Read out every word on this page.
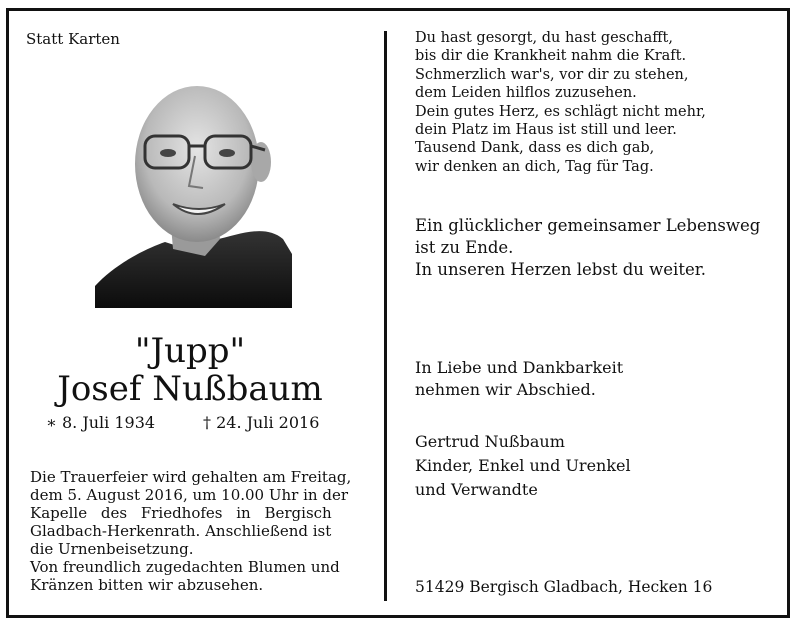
Statt Karten
"Jupp"
Josef Nußbaum
∗ 8. Juli 1934	† 24. Juli 2016
Die Trauerfeier wird gehalten am Freitag,
dem 5. August 2016, um 10.00 Uhr in der
Kapelle des Friedhofes in Bergisch
Gladbach-Herkenrath. Anschließend ist
die Urnenbeisetzung.
Von freundlich zugedachten Blumen und
Kränzen bitten wir abzusehen.
Du hast gesorgt, du hast geschafft,
bis dir die Krankheit nahm die Kraft.
Schmerzlich war's, vor dir zu stehen,
dem Leiden hilflos zuzusehen.
Dein gutes Herz, es schlägt nicht mehr,
dein Platz im Haus ist still und leer.
Tausend Dank, dass es dich gab,
wir denken an dich, Tag für Tag.
Ein glücklicher gemeinsamer Lebensweg
ist zu Ende.
In unseren Herzen lebst du weiter.
In Liebe und Dankbarkeit
nehmen wir Abschied.
Gertrud Nußbaum
Kinder, Enkel und Urenkel
und Verwandte
51429 Bergisch Gladbach, Hecken 16
